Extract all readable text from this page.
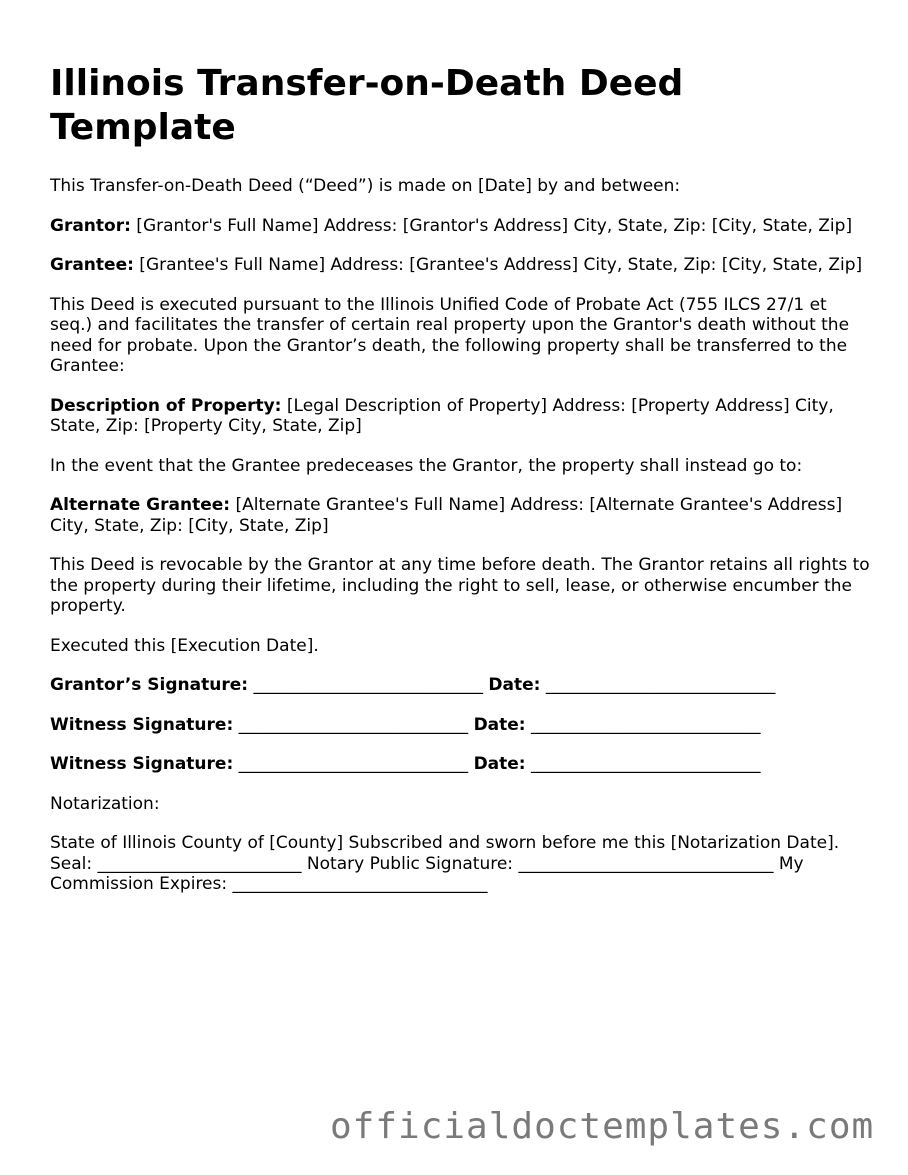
Illinois Transfer-on-Death Deed Template

This Transfer-on-Death Deed (“Deed”) is made on [Date] by and between:

Grantor: [Grantor's Full Name] Address: [Grantor's Address] City, State, Zip: [City, State, Zip]

Grantee: [Grantee's Full Name] Address: [Grantee's Address] City, State, Zip: [City, State, Zip]

This Deed is executed pursuant to the Illinois Unified Code of Probate Act (755 ILCS 27/1 et seq.) and facilitates the transfer of certain real property upon the Grantor's death without the need for probate. Upon the Grantor’s death, the following property shall be transferred to the Grantee:

Description of Property: [Legal Description of Property] Address: [Property Address] City, State, Zip: [Property City, State, Zip]

In the event that the Grantee predeceases the Grantor, the property shall instead go to:

Alternate Grantee: [Alternate Grantee's Full Name] Address: [Alternate Grantee's Address] City, State, Zip: [City, State, Zip]

This Deed is revocable by the Grantor at any time before death. The Grantor retains all rights to the property during their lifetime, including the right to sell, lease, or otherwise encumber the property.

Executed this [Execution Date].

Grantor’s Signature: ___________________________ Date: ___________________________
Witness Signature: ___________________________ Date: ___________________________
Witness Signature: ___________________________ Date: ___________________________

Notarization:

State of Illinois County of [County] Subscribed and sworn before me this [Notarization Date]. Seal: ________________________ Notary Public Signature: ______________________________ My Commission Expires: ______________________________

officialdoctemplates.com
